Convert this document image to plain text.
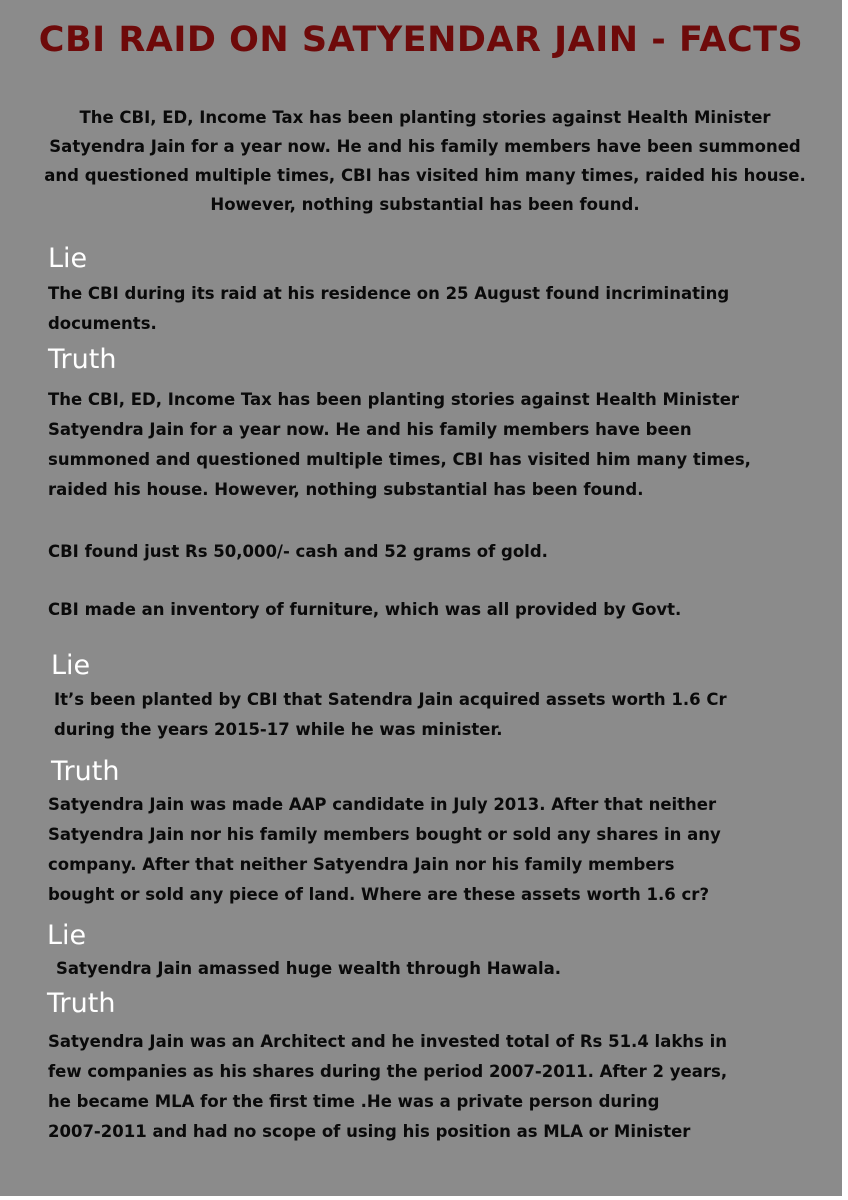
CBI RAID ON SATYENDAR JAIN - FACTS
The CBI, ED, Income Tax has been planting stories against Health Minister
Satyendra Jain for a year now. He and his family members have been summoned
and questioned multiple times, CBI has visited him many times, raided his house.
However, nothing substantial has been found.
Lie
The CBI during its raid at his residence on 25 August found incriminating
documents.
Truth
The CBI, ED, Income Tax has been planting stories against Health Minister
Satyendra Jain for a year now. He and his family members have been
summoned and questioned multiple times, CBI has visited him many times,
raided his house. However, nothing substantial has been found.
CBI found just Rs 50,000/- cash and 52 grams of gold.
CBI made an inventory of furniture, which was all provided by Govt.
Lie
It’s been planted by CBI that Satendra Jain acquired assets worth 1.6 Cr
during the years 2015-17 while he was minister.
Truth
Satyendra Jain was made AAP candidate in July 2013. After that neither
Satyendra Jain nor his family members bought or sold any shares in any
company. After that neither Satyendra Jain nor his family members
bought or sold any piece of land. Where are these assets worth 1.6 cr?
Lie
Satyendra Jain amassed huge wealth through Hawala.
Truth
Satyendra Jain was an Architect and he invested total of Rs 51.4 lakhs in
few companies as his shares during the period 2007-2011. After 2 years,
he became MLA for the first time .He was a private person during
2007-2011 and had no scope of using his position as MLA or Minister
